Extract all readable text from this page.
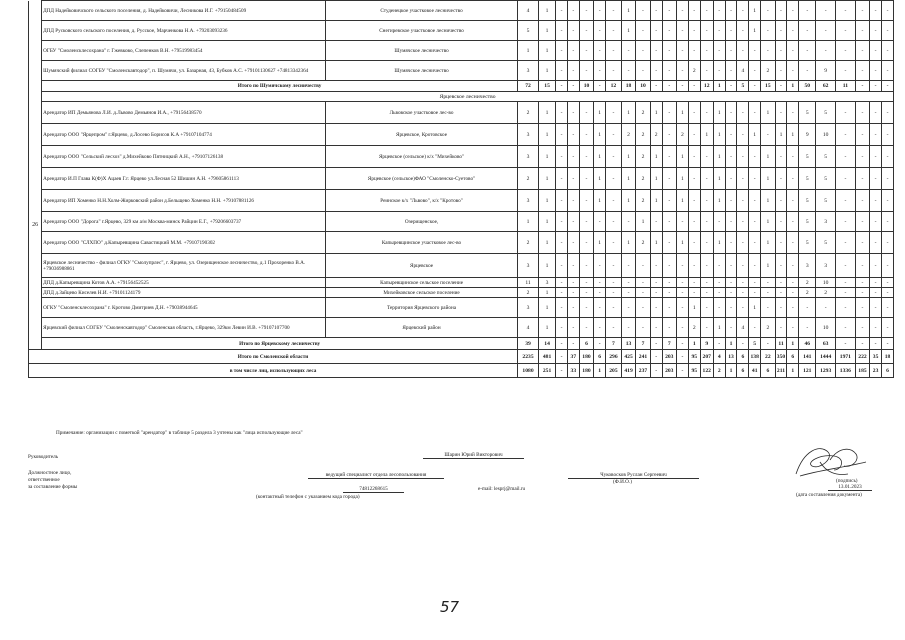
	ДПД Надейковичского сельского поселения, д. Надейковичи, Лесникова И.Г. +79150484509	Студенецкое участковое лесничество	4	1	-	-	-	-	-	1	-	-	-	-	-	-	-	-	-	1	-	-	-	-	-	-	-	-	-
	ДПД Русковского сельского поселения, д. Русское, Марченкова Н.А. +79203093236	Снегиревское участковое лесничество	5	1	-	-	-	-	-	1	-	-	-	-	-	-	-	-	-	1	-	-	-	-	-	-	-	-	-
	ОГБУ "Смоленсклесохрана" г. Гжевково, Слепенков В.Н. +79519983454	Шумячское лесничество	1	1	-	-	-	-	-	-	-	-	-	-	-	-	-	-	-	-	-	-	-	-	-	-	-	-	-
	Шумячский филиал СОГБУ "Смоленскавтодор", п. Шумячи, ул. Базарная, 43, Бубков А.С. +79101130627 +74813342364	Шумячское лесничество	3	1	-	-	-	-	-	-	-	-	-	-	2	-	-	-	4	-	2	-	-	-	9	-	-	-	-
	Итого по Шумячскому лесничеству		72	15	-	-	10	-	12	18	10	-	-	-	-	12	1	-	5	-	15	-	1	50	62	11	-	-	-
	Ярцевское лесничество																												
26	Арендатор ИП Демьянова Л.И. д.Львово Демьянов И.А., +79156438570	Львовское участковое лес-во	2	1	-	-	-	1	-	1	2	1	-	1	-	-	1	-	-	-	1	-	-	5	5	-	-	-	-
	Арендатор ООО "Ярцепром" г.Ярцево, д.Лосево Борисов К.А +79107104774	Ярцевское, Кротовское	3	1	-	-	-	1	-	2	2	2	-	2	-	1	1	-	-	1	-	1	1	9	10	-	-	-	-
	Арендатор ООО "Сельский лесхоз" д.Михейково Пятницкий А.Н., +79107126138	Ярцевское (сельское) к/х "Михейково"	3	1	-	-	-	1	-	1	2	1	-	1	-	-	1	-	-	-	1	-	-	5	5	-	-	-	-
	Арендатор И.П Глава К(Ф)Х Ацаев Г.г. Ярцево ул.Лесная 52 Шишин А.Н. +79605861113	Ярцевское (сельское)ФАО "Смоленско-Суетово"	2	1	-	-	-	1	-	1	2	1	-	1	-	-	1	-	-	-	1	-	-	5	5	-	-	-	-
	Арендатор ИП Хоменко Н.Н.Холм-Жирковский район д.Бельщево Хоменко Н.Н. +79107881126	Реинское к/х "Львово", к/х "Кротово"	3	1	-	-	-	1	-	1	2	1	-	1	-	-	1	-	-	-	1	-	-	5	5	-	-	-	-
	Арендатор ООО "Дорога" г.Ярцево, 329 км а/м Москва-минск Райцин Е.Г., +79206603737	Озерищенское,	1	1	-	-	-	-	-	-	1	-	-	-	-	-	-	-	-	-	1	-	-	5	3	-	-	-	-
	Арендатор ООО "СЛХПО" д.Капыревщина Савастицкий М.М. +79107190302	Капыревщинское участковое лес-во	2	1	-	-	-	1	-	1	2	1	-	1	-	-	1	-	-	-	1	-	-	5	5	-	-	-	-
	Ярцевское лесничество - филиал ОГКУ "Смолупрлес", г. Ярцево, ул. Озерищенское лесничество, д.1 Прохоренко В.А. +79036988861	Ярцевское	3	1	-	-	-	-	-	-	-	-	-	-	-	-	-	-	-	-	1	-	-	3	3	-	-	-	-
	ДПД д.Капыревщина Котов А.А. +79156452525	Капыревщинское сельское поселение	11	3	-	-	-	-	-	-	-	-	-	-	-	-	-	-	-	-	-	-	-	2	10	-	-	-	-
	ДПД д.Зайцево Киселев Н.И. +79101124179	Михейковское сельское поселение	2	1	-	-	-	-	-	-	-	-	-	-	-	-	-	-	-	-	-	-	-	2	2	-	-	-	-
	ОГКУ "Смоленсклесохрана" г. Кротово Дмитриев Д.Н. +79038944645	Территория Ярцевского района	3	1	-	-	-	-	-	-	-	-	-	-	1	-	-	-	-	1	-	-	-	-	-	-	-	-	-
	Ярцевский филиал СОГБУ "Смоленскавтодор" Смоленская область, г.Ярцево, 329км Левин И.В. +79107107700	Ярцевский район	4	1	-	-	-	-	-	-	-	-	-	-	2	-	1	-	4	-	2	-	-	-	10	-	-	-	-
	Итого по Ярцевскому лесничеству		39	14	-	-	6	-	7	13	7	-	7	-	1	9	-	1	-	5	-	11	1	46	63	-	-	-	-
Итого по Смоленской области			2235	481	-	37	180	6	296	425	241	-	203	-	95	207	4	13	6	138	22	350	6	141	1444	1971	222	35	18
в том числе лиц, использующих леса			1080	251	-	33	180	1	205	419	237	-	203	-	95	122	2	1	6	41	6	211	1	121	1293	1336	185	23	6
Примечание: организации с пометкой "арендатор" в таблице 5 раздела 3 учтены как "лица использующие леса"
Руководитель	Шарин Юрий Викторович
Должностное лицо,
ответственное
за составление формы
ведущий специалист отдела лесопользования	Чуковосков Руслан Сергеевич
(Ф.И.О.)	(подпись)
74812268615
(контактный телефон с указанием кода города)
e-mail: lesprj@mail.ru	13.01.2023
(дата составления документа)
57
